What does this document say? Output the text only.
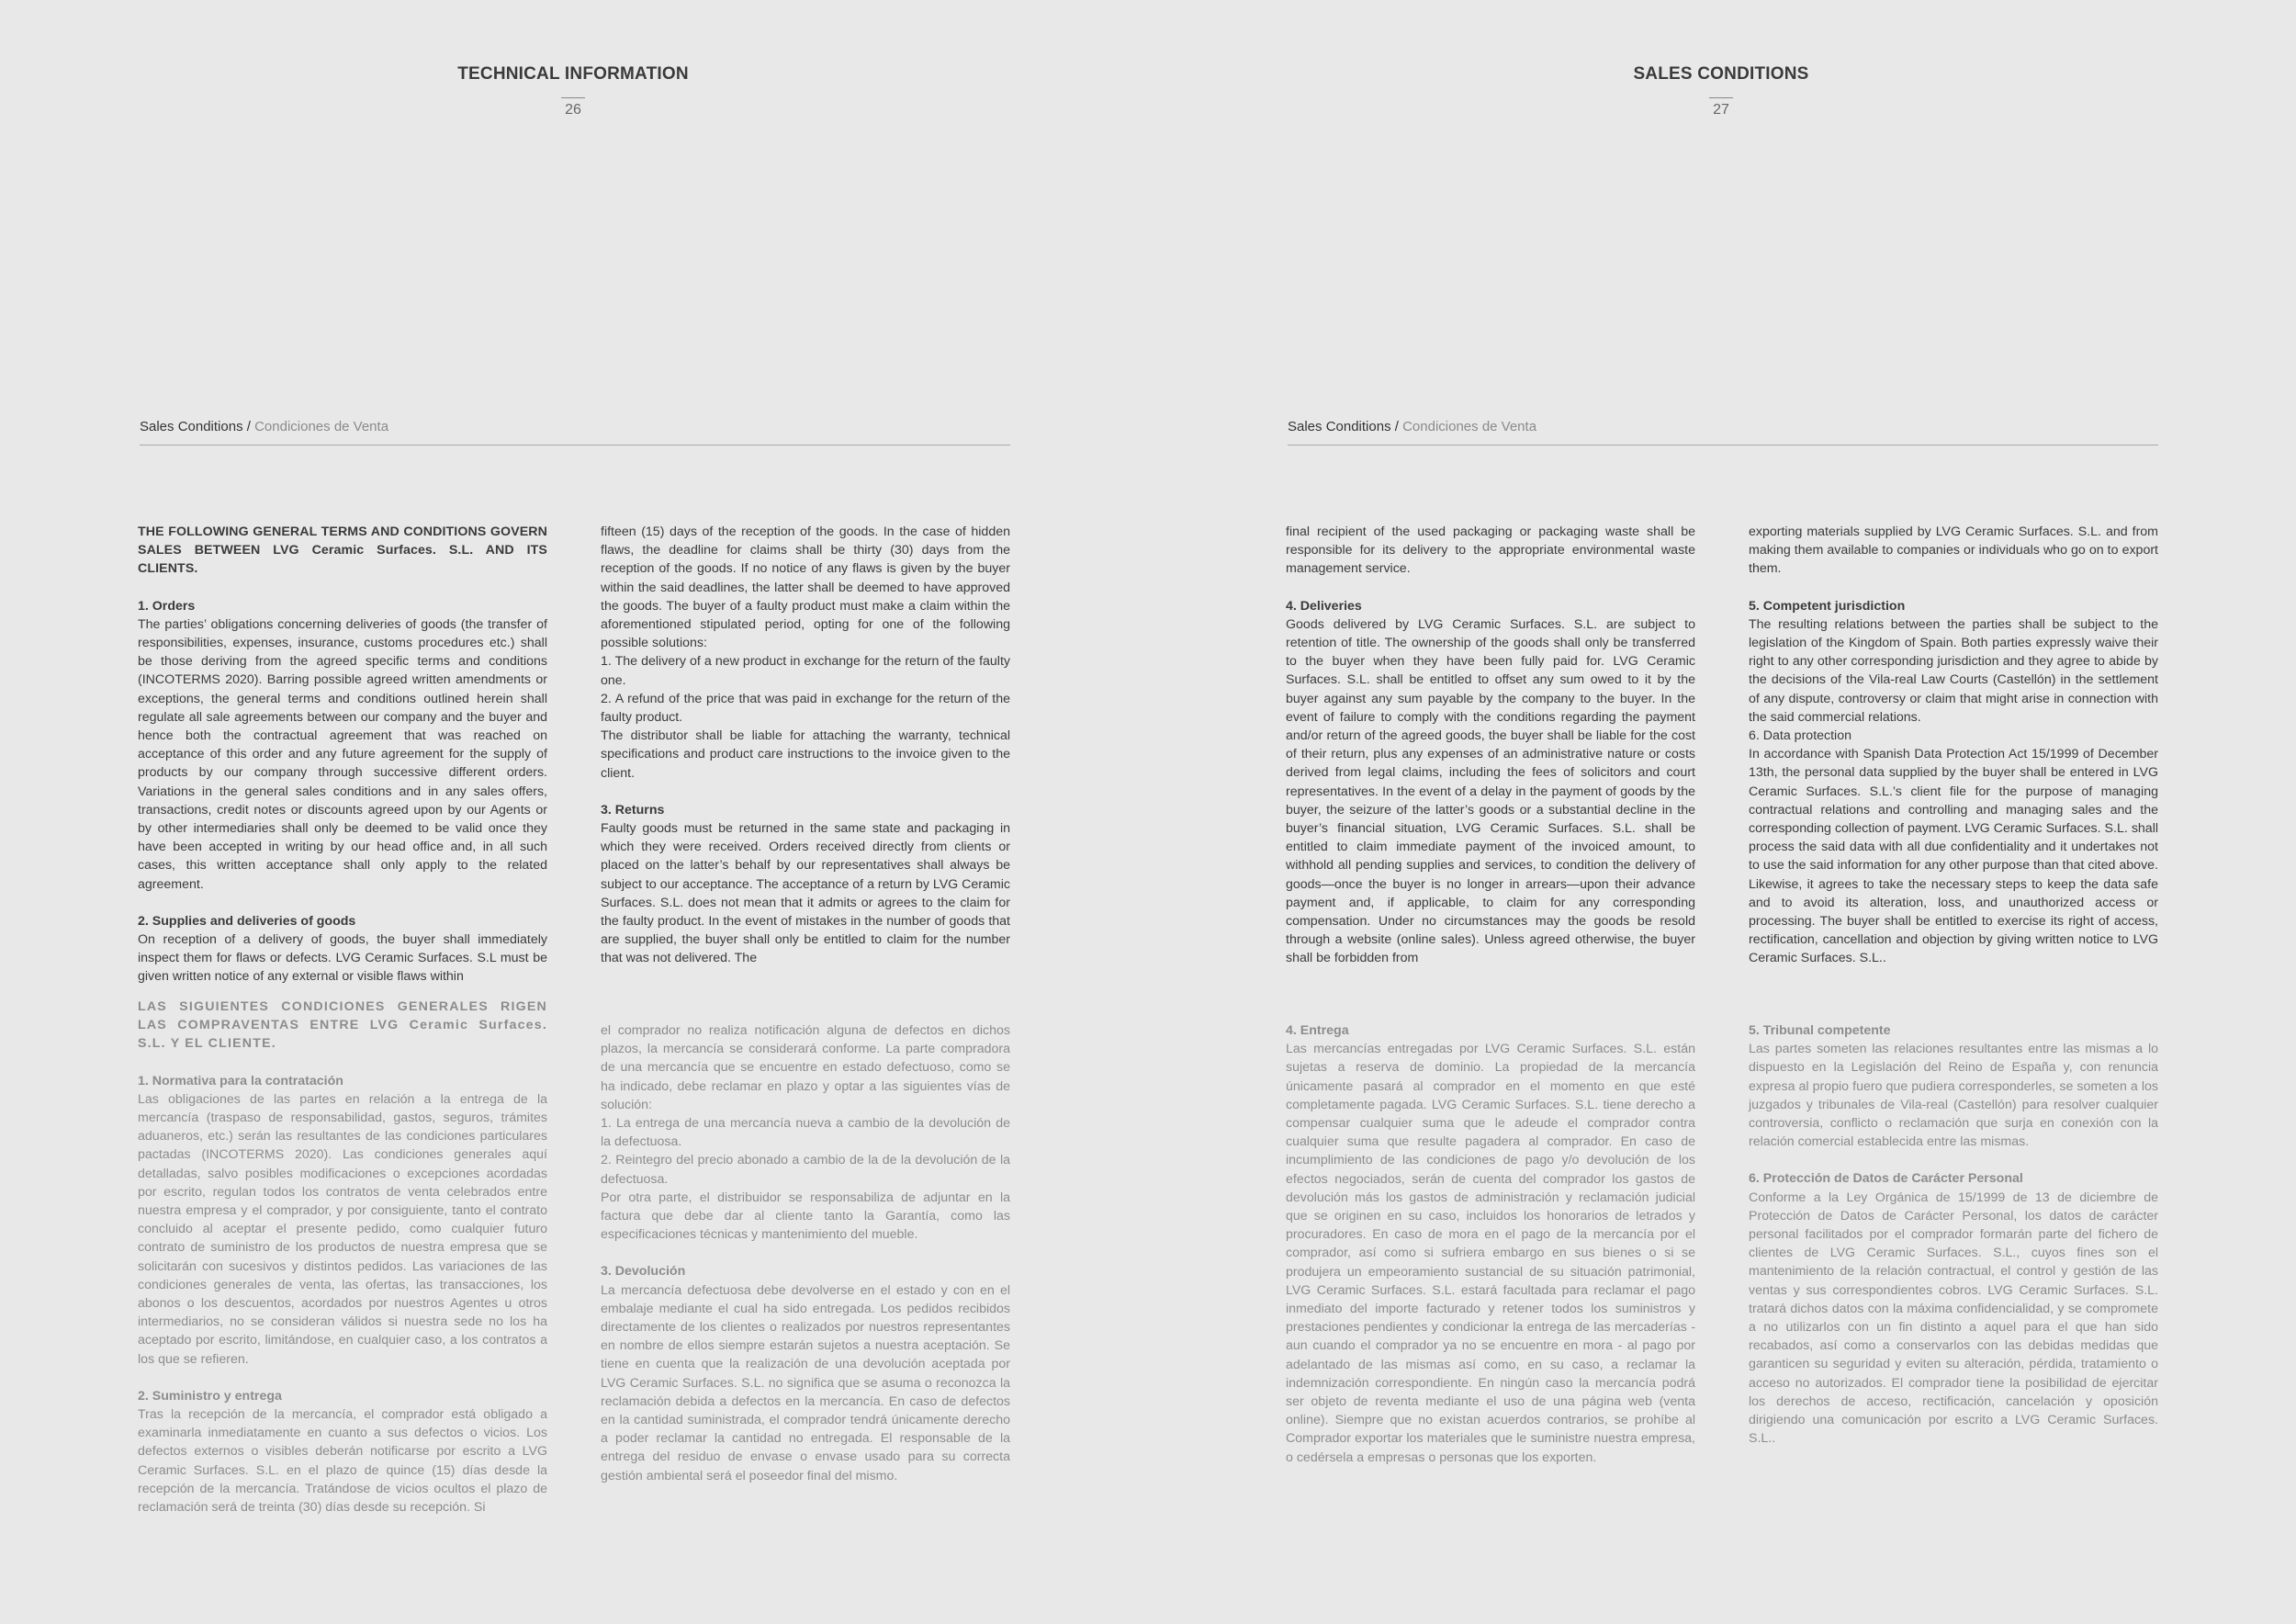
TECHNICAL INFORMATION
26
Sales Conditions / Condiciones de Venta

THE FOLLOWING GENERAL TERMS AND CONDITIONS GOVERN SALES BETWEEN LVG Ceramic Surfaces. S.L. AND ITS CLIENTS.

1. Orders

The parties’ obligations concerning deliveries of goods (the transfer of responsibilities, expenses, insurance, customs procedures etc.) shall be those deriving from the agreed specific terms and conditions (INCOTERMS 2020). Barring possible agreed written amendments or exceptions, the general terms and conditions outlined herein shall regulate all sale agreements between our company and the buyer and hence both the contractual agreement that was reached on acceptance of this order and any future agreement for the supply of products by our company through successive different orders. Variations in the general sales conditions and in any sales offers, transactions, credit notes or discounts agreed upon by our Agents or by other intermediaries shall only be deemed to be valid once they have been accepted in writing by our head office and, in all such cases, this written acceptance shall only apply to the related agreement.

2. Supplies and deliveries of goods

On reception of a delivery of goods, the buyer shall immediately inspect them for flaws or defects. LVG Ceramic Surfaces. S.L must be given written notice of any external or visible flaws within

fifteen (15) days of the reception of the goods. In the case of hidden flaws, the deadline for claims shall be thirty (30) days from the reception of the goods. If no notice of any flaws is given by the buyer within the said deadlines, the latter shall be deemed to have approved the goods. The buyer of a faulty product must make a claim within the aforementioned stipulated period, opting for one of the following possible solutions:

1. The delivery of a new product in exchange for the return of the faulty one.

2. A refund of the price that was paid in exchange for the return of the faulty product.

The distributor shall be liable for attaching the warranty, technical specifications and product care instructions to the invoice given to the client.

3. Returns

Faulty goods must be returned in the same state and packaging in which they were received. Orders received directly from clients or placed on the latter’s behalf by our representatives shall always be subject to our acceptance. The acceptance of a return by LVG Ceramic Surfaces. S.L. does not mean that it admits or agrees to the claim for the faulty product. In the event of mistakes in the number of goods that are supplied, the buyer shall only be entitled to claim for the number that was not delivered. The

LAS SIGUIENTES CONDICIONES GENERALES RIGEN LAS COMPRAVENTAS ENTRE LVG Ceramic Surfaces. S.L. Y EL CLIENTE.

1. Normativa para la contratación

Las obligaciones de las partes en relación a la entrega de la mercancía (traspaso de responsabilidad, gastos, seguros, trámites aduaneros, etc.) serán las resultantes de las condiciones particulares pactadas (INCOTERMS 2020). Las condiciones generales aquí detalladas, salvo posibles modificaciones o excepciones acordadas por escrito, regulan todos los contratos de venta celebrados entre nuestra empresa y el comprador, y por consiguiente, tanto el contrato concluido al aceptar el presente pedido, como cualquier futuro contrato de suministro de los productos de nuestra empresa que se solicitarán con sucesivos y distintos pedidos. Las variaciones de las condiciones generales de venta, las ofertas, las transacciones, los abonos o los descuentos, acordados por nuestros Agentes u otros intermediarios, no se consideran válidos si nuestra sede no los ha aceptado por escrito, limitándose, en cualquier caso, a los contratos a los que se refieren.

2. Suministro y entrega

Tras la recepción de la mercancía, el comprador está obligado a examinarla inmediatamente en cuanto a sus defectos o vicios. Los defectos externos o visibles deberán notificarse por escrito a LVG Ceramic Surfaces. S.L. en el plazo de quince (15) días desde la recepción de la mercancía. Tratándose de vicios ocultos el plazo de reclamación será de treinta (30) días desde su recepción. Si

el comprador no realiza notificación alguna de defectos en dichos plazos, la mercancía se considerará conforme. La parte compradora de una mercancía que se encuentre en estado defectuoso, como se ha indicado, debe reclamar en plazo y optar a las siguientes vías de solución:

1. La entrega de una mercancía nueva a cambio de la devolución de la defectuosa.

2. Reintegro del precio abonado a cambio de la de la devolución de la defectuosa.

Por otra parte, el distribuidor se responsabiliza de adjuntar en la factura que debe dar al cliente tanto la Garantía, como las especificaciones técnicas y mantenimiento del mueble.

3. Devolución

La mercancía defectuosa debe devolverse en el estado y con en el embalaje mediante el cual ha sido entregada. Los pedidos recibidos directamente de los clientes o realizados por nuestros representantes en nombre de ellos siempre estarán sujetos a nuestra aceptación. Se tiene en cuenta que la realización de una devolución aceptada por LVG Ceramic Surfaces. S.L. no significa que se asuma o reconozca la reclamación debida a defectos en la mercancía. En caso de defectos en la cantidad suministrada, el comprador tendrá únicamente derecho a poder reclamar la cantidad no entregada. El responsable de la entrega del residuo de envase o envase usado para su correcta gestión ambiental será el poseedor final del mismo.

SALES CONDITIONS
27
Sales Conditions / Condiciones de Venta

final recipient of the used packaging or packaging waste shall be responsible for its delivery to the appropriate environmental waste management service.

4. Deliveries

Goods delivered by LVG Ceramic Surfaces. S.L. are subject to retention of title. The ownership of the goods shall only be transferred to the buyer when they have been fully paid for. LVG Ceramic Surfaces. S.L. shall be entitled to offset any sum owed to it by the buyer against any sum payable by the company to the buyer. In the event of failure to comply with the conditions regarding the payment and/or return of the agreed goods, the buyer shall be liable for the cost of their return, plus any expenses of an administrative nature or costs derived from legal claims, including the fees of solicitors and court representatives. In the event of a delay in the payment of goods by the buyer, the seizure of the latter’s goods or a substantial decline in the buyer’s financial situation, LVG Ceramic Surfaces. S.L. shall be entitled to claim immediate payment of the invoiced amount, to withhold all pending supplies and services, to condition the delivery of goods—once the buyer is no longer in arrears—upon their advance payment and, if applicable, to claim for any corresponding compensation. Under no circumstances may the goods be resold through a website (online sales). Unless agreed otherwise, the buyer shall be forbidden from

exporting materials supplied by LVG Ceramic Surfaces. S.L. and from making them available to companies or individuals who go on to export them.

5. Competent jurisdiction

The resulting relations between the parties shall be subject to the legislation of the Kingdom of Spain. Both parties expressly waive their right to any other corresponding jurisdiction and they agree to abide by the decisions of the Vila-real Law Courts (Castellón) in the settlement of any dispute, controversy or claim that might arise in connection with the said commercial relations.

6. Data protection

In accordance with Spanish Data Protection Act 15/1999 of December 13th, the personal data supplied by the buyer shall be entered in LVG Ceramic Surfaces. S.L.’s client file for the purpose of managing contractual relations and controlling and managing sales and the corresponding collection of payment. LVG Ceramic Surfaces. S.L. shall process the said data with all due confidentiality and it undertakes not to use the said information for any other purpose than that cited above. Likewise, it agrees to take the necessary steps to keep the data safe and to avoid its alteration, loss, and unauthorized access or processing. The buyer shall be entitled to exercise its right of access, rectification, cancellation and objection by giving written notice to LVG Ceramic Surfaces. S.L..

4. Entrega

Las mercancías entregadas por LVG Ceramic Surfaces. S.L. están sujetas a reserva de dominio. La propiedad de la mercancía únicamente pasará al comprador en el momento en que esté completamente pagada. LVG Ceramic Surfaces. S.L. tiene derecho a compensar cualquier suma que le adeude el comprador contra cualquier suma que resulte pagadera al comprador. En caso de incumplimiento de las condiciones de pago y/o devolución de los efectos negociados, serán de cuenta del comprador los gastos de devolución más los gastos de administración y reclamación judicial que se originen en su caso, incluidos los honorarios de letrados y procuradores. En caso de mora en el pago de la mercancía por el comprador, así como si sufriera embargo en sus bienes o si se produjera un empeoramiento sustancial de su situación patrimonial, LVG Ceramic Surfaces. S.L. estará facultada para reclamar el pago inmediato del importe facturado y retener todos los suministros y prestaciones pendientes y condicionar la entrega de las mercaderías - aun cuando el comprador ya no se encuentre en mora - al pago por adelantado de las mismas así como, en su caso, a reclamar la indemnización correspondiente. En ningún caso la mercancía podrá ser objeto de reventa mediante el uso de una página web (venta online). Siempre que no existan acuerdos contrarios, se prohíbe al Comprador exportar los materiales que le suministre nuestra empresa, o cedérsela a empresas o personas que los exporten.

5. Tribunal competente

Las partes someten las relaciones resultantes entre las mismas a lo dispuesto en la Legislación del Reino de España y, con renuncia expresa al propio fuero que pudiera corresponderles, se someten a los juzgados y tribunales de Vila-real (Castellón) para resolver cualquier controversia, conflicto o reclamación que surja en conexión con la relación comercial establecida entre las mismas.

6. Protección de Datos de Carácter Personal

Conforme a la Ley Orgánica de 15/1999 de 13 de diciembre de Protección de Datos de Carácter Personal, los datos de carácter personal facilitados por el comprador formarán parte del fichero de clientes de LVG Ceramic Surfaces. S.L., cuyos fines son el mantenimiento de la relación contractual, el control y gestión de las ventas y sus correspondientes cobros. LVG Ceramic Surfaces. S.L. tratará dichos datos con la máxima confidencialidad, y se compromete a no utilizarlos con un fin distinto a aquel para el que han sido recabados, así como a conservarlos con las debidas medidas que garanticen su seguridad y eviten su alteración, pérdida, tratamiento o acceso no autorizados. El comprador tiene la posibilidad de ejercitar los derechos de acceso, rectificación, cancelación y oposición dirigiendo una comunicación por escrito a LVG Ceramic Surfaces. S.L..
